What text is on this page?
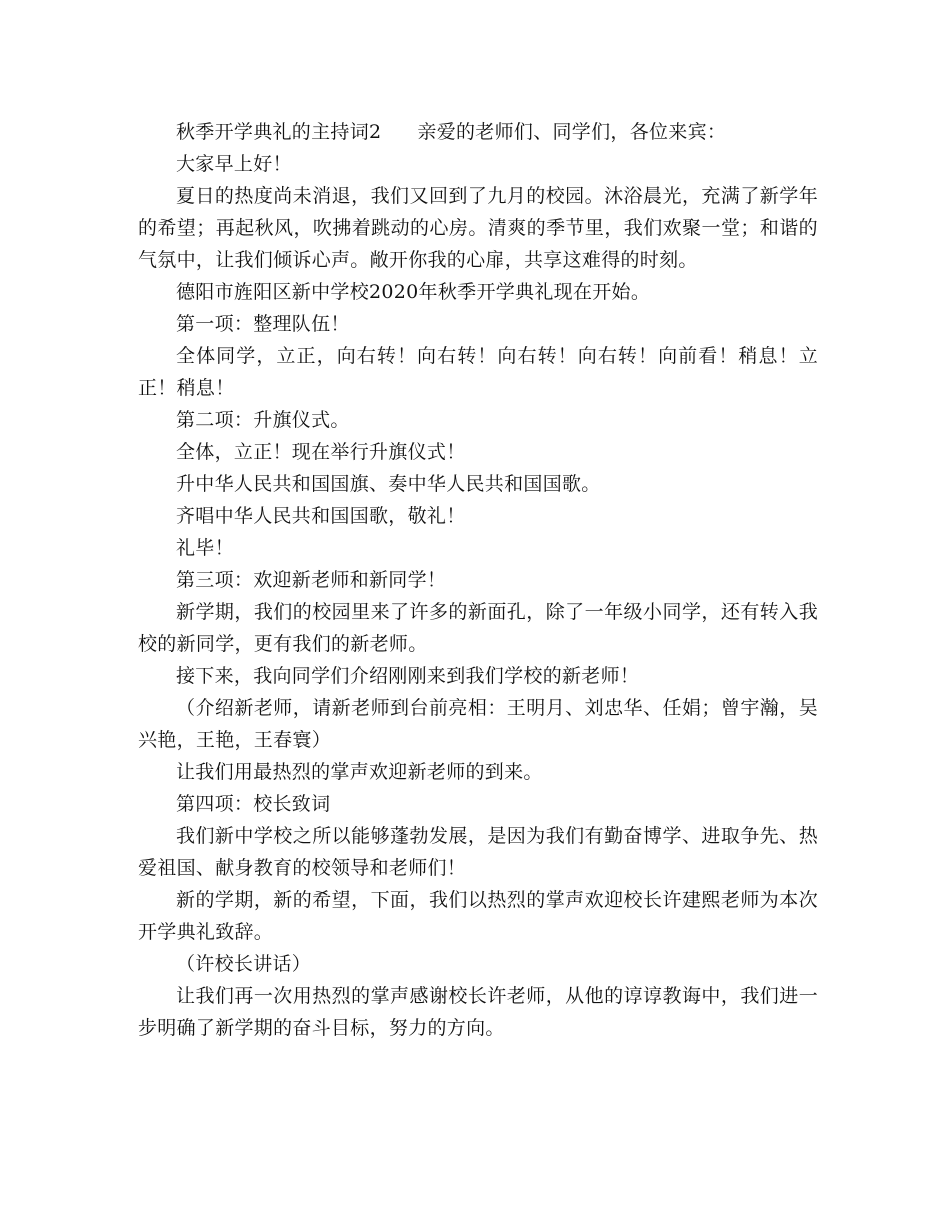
秋季开学典礼的主持词2 亲爱的老师们、同学们，各位来宾：

大家早上好！

夏日的热度尚未消退，我们又回到了九月的校园。沐浴晨光，充满了新学年的希望；再起秋风，吹拂着跳动的心房。清爽的季节里，我们欢聚一堂；和谐的气氛中，让我们倾诉心声。敞开你我的心扉，共享这难得的时刻。

德阳市旌阳区新中学校2020年秋季开学典礼现在开始。

第一项：整理队伍！

全体同学，立正，向右转！向右转！向右转！向右转！向前看！稍息！立正！稍息！

第二项：升旗仪式。

全体，立正！现在举行升旗仪式！

升中华人民共和国国旗、奏中华人民共和国国歌。

齐唱中华人民共和国国歌，敬礼！

礼毕！

第三项：欢迎新老师和新同学！

新学期，我们的校园里来了许多的新面孔，除了一年级小同学，还有转入我校的新同学，更有我们的新老师。

接下来，我向同学们介绍刚刚来到我们学校的新老师！

（介绍新老师，请新老师到台前亮相：王明月、刘忠华、任娟；曾宇瀚，吴兴艳，王艳，王春寰）

让我们用最热烈的掌声欢迎新老师的到来。

第四项：校长致词

我们新中学校之所以能够蓬勃发展，是因为我们有勤奋博学、进取争先、热爱祖国、献身教育的校领导和老师们！

新的学期，新的希望，下面，我们以热烈的掌声欢迎校长许建熙老师为本次开学典礼致辞。

（许校长讲话）

让我们再一次用热烈的掌声感谢校长许老师，从他的谆谆教诲中，我们进一步明确了新学期的奋斗目标，努力的方向。
